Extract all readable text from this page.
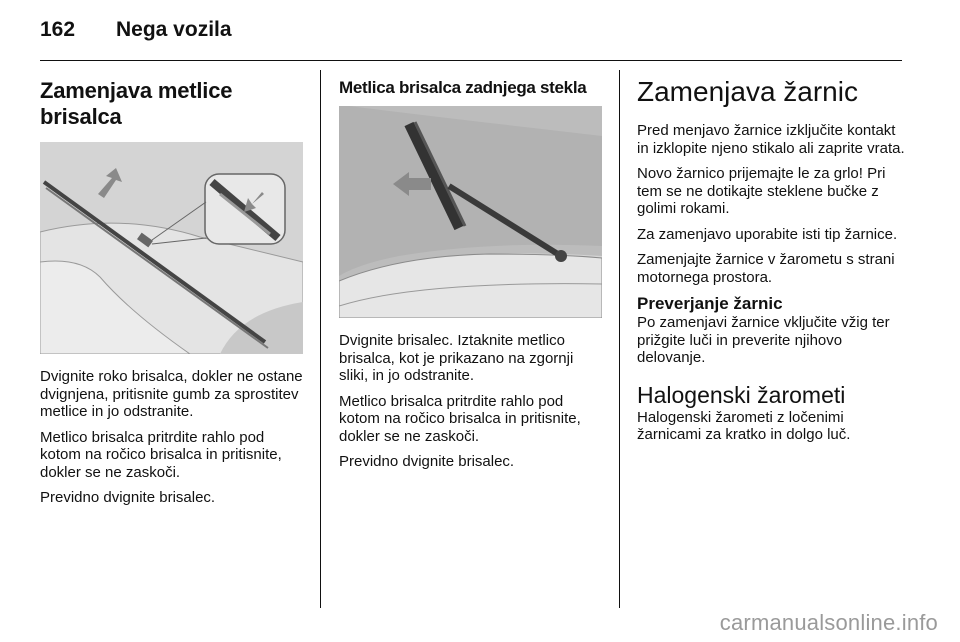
162	Nega vozila
Zamenjava metlice brisalca

Dvignite roko brisalca, dokler ne ostane dvignjena, pritisnite gumb za sprostitev metlice in jo odstranite.

Metlico brisalca pritrdite rahlo pod kotom na ročico brisalca in pritisnite, dokler se ne zaskoči.

Previdno dvignite brisalec.

Metlica brisalca zadnjega stekla

Dvignite brisalec. Iztaknite metlico brisalca, kot je prikazano na zgornji sliki, in jo odstranite.

Metlico brisalca pritrdite rahlo pod kotom na ročico brisalca in pritisnite, dokler se ne zaskoči.

Previdno dvignite brisalec.

Zamenjava žarnic

Pred menjavo žarnice izključite kontakt in izklopite njeno stikalo ali zaprite vrata.

Novo žarnico prijemajte le za grlo! Pri tem se ne dotikajte steklene bučke z golimi rokami.

Za zamenjavo uporabite isti tip žarnice.

Zamenjajte žarnice v žarometu s strani motornega prostora.

Preverjanje žarnic

Po zamenjavi žarnice vključite vžig ter prižgite luči in preverite njihovo delovanje.

Halogenski žarometi

Halogenski žarometi z ločenimi žarnicami za kratko in dolgo luč.

carmanualsonline.info
